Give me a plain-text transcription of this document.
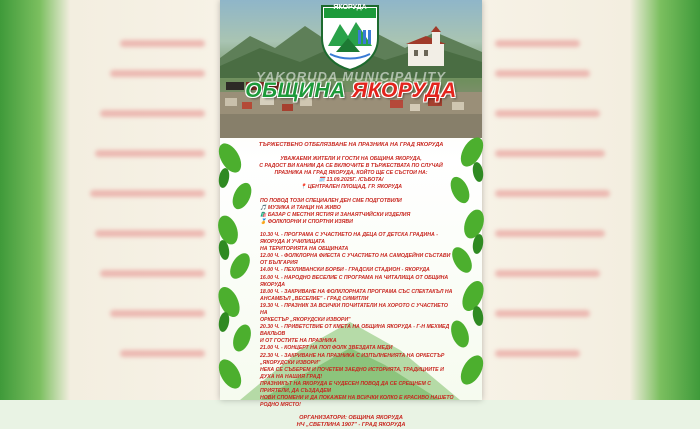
ЯКОРУДА
YAKORUDA MUNICIPALITY
ОБЩИНА ЯКОРУДА

ТЪРЖЕСТВЕНО ОТБЕЛЯЗВАНЕ НА ПРАЗНИКА НА ГРАД ЯКОРУДА

УВАЖАЕМИ ЖИТЕЛИ И ГОСТИ НА ОБЩИНА ЯКОРУДА,

С РАДОСТ ВИ КАНИМ ДА СЕ ВКЛЮЧИТЕ В ТЪРЖЕСТВАТА ПО СЛУЧАЙ

ПРАЗНИКА НА ГРАД ЯКОРУДА, КОЙТО ЩЕ СЕ СЪСТОИ НА:

🗓️ 13.09.2025Г. /СЪБОТА/

📍 ЦЕНТРАЛЕН ПЛОЩАД, ГР. ЯКОРУДА

ПО ПОВОД ТОЗИ СПЕЦИАЛЕН ДЕН СМЕ ПОДГОТВИЛИ

🎵 МУЗИКА И ТАНЦИ НА ЖИВО

🛍️ БАЗАР С МЕСТНИ ЯСТИЯ И ЗАНАЯТЧИЙСКИ ИЗДЕЛИЯ

🏅 ФОЛКЛОРНИ И СПОРТНИ ИЗЯВИ

10.30 Ч. - ПРОГРАМА С УЧАСТИЕТО НА ДЕЦА ОТ ДЕТСКА ГРАДИНА - ЯКОРУДА И УЧИЛИЩАТА

НА ТЕРИТОРИЯТА НА ОБЩИНАТА

12.00 Ч. - ФОЛКЛОРНА ФИЕСТА С УЧАСТИЕТО НА САМОДЕЙНИ СЪСТАВИ ОТ БЪЛГАРИЯ

14.00 Ч. - ПЕХЛИВАНСКИ БОРБИ - ГРАДСКИ СТАДИОН - ЯКОРУДА

16.00 Ч. - НАРОДНО ВЕСЕЛИЕ С ПРОГРАМА НА ЧИТАЛИЩА ОТ ОБЩИНА ЯКОРУДА

18.00 Ч. - ЗАКРИВАНЕ НА ФОЛКЛОРНАТА ПРОГРАМА СЪС СПЕКТАКЪЛ НА

АНСАМБЪЛ „ВЕСЕЛИЕ" - ГРАД СИМИТЛИ

19.30 Ч. - ПРАЗНИК ЗА ВСИЧКИ ПОЧИТАТЕЛИ НА ХОРОТО С УЧАСТИЕТО НА

ОРКЕСТЪР „ЯКОРУДСКИ ИЗВОРИ"

20.30 Ч. - ПРИВЕТСТВИЕ ОТ КМЕТА НА ОБЩИНА ЯКОРУДА - Г-Н МЕХМЕД ВАКЛЬОВ

И ОТ ГОСТИТЕ НА ПРАЗНИКА

21.00 Ч. - КОНЦЕРТ НА ПОП ФОЛК ЗВЕЗДАТА МЕДИ

22.30 Ч. - ЗАКРИВАНЕ НА ПРАЗНИКА С ИЗПЪЛНЕНИЯТА НА ОРКЕСТЪР „ЯКОРУДСКИ ИЗВОРИ"

НЕКА СЕ СЪБЕРЕМ И ПОЧЕТЕМ ЗАЕДНО ИСТОРИЯТА, ТРАДИЦИИТЕ И ДУХА НА НАШИЯ ГРАД!

ПРАЗНИКЪТ НА ЯКОРУДА Е ЧУДЕСЕН ПОВОД ДА СЕ СРЕЩНЕМ С ПРИЯТЕЛИ, ДА СЪЗДАДЕМ

НОВИ СПОМЕНИ И ДА ПОКАЖЕМ НА ВСИЧКИ КОЛКО Е КРАСИВО НАШЕТО РОДНО МЯСТО!

ОРГАНИЗАТОРИ: ОБЩИНА ЯКОРУДА

НЧ „СВЕТЛИНА 1907" - ГРАД ЯКОРУДА
